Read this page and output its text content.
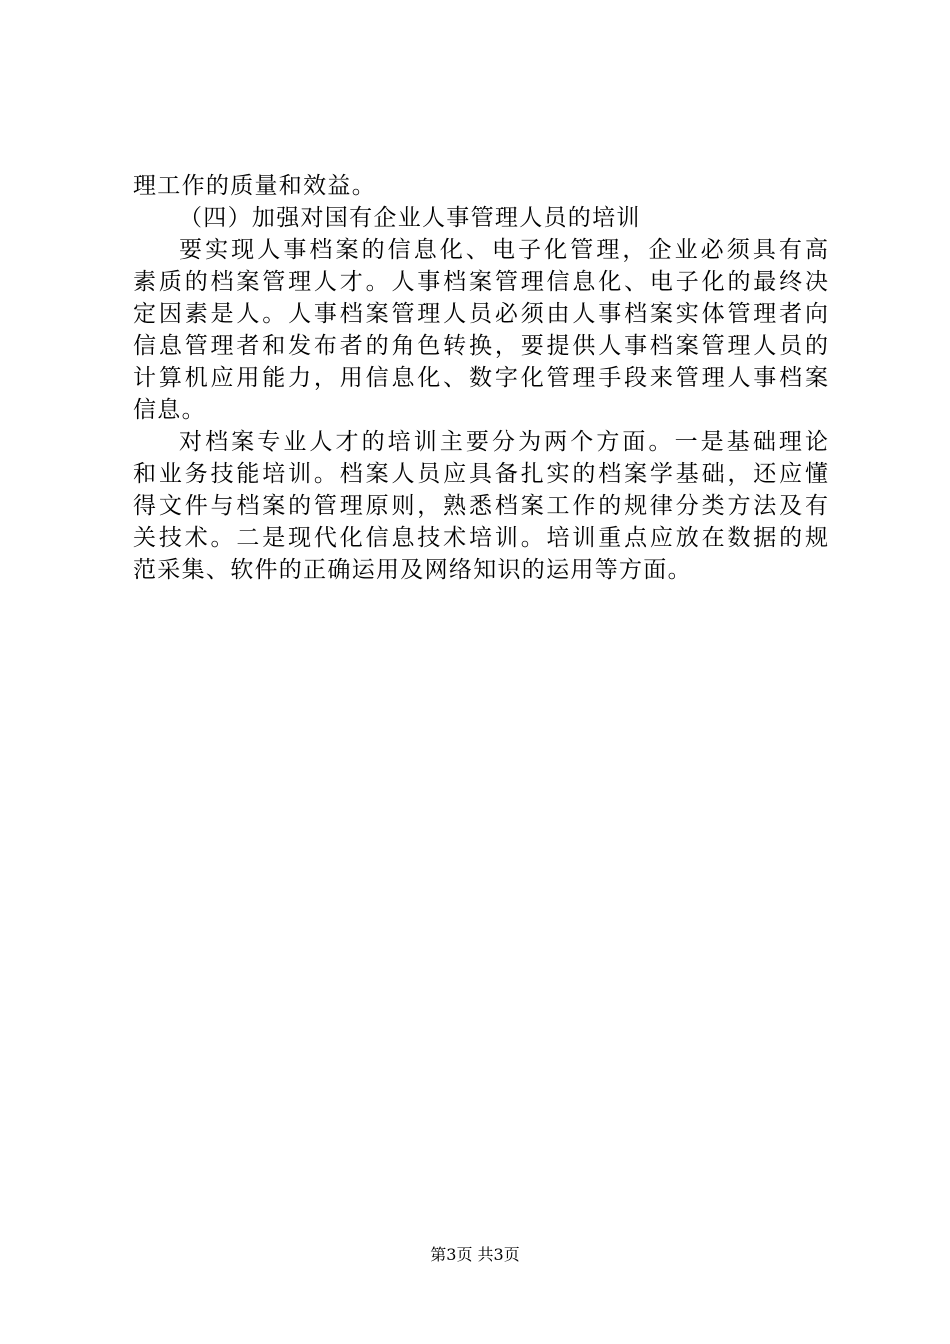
理工作的质量和效益。
（四）加强对国有企业人事管理人员的培训
要实现人事档案的信息化、电子化管理，企业必须具有高
素质的档案管理人才。人事档案管理信息化、电子化的最终决
定因素是人。人事档案管理人员必须由人事档案实体管理者向
信息管理者和发布者的角色转换，要提供人事档案管理人员的
计算机应用能力，用信息化、数字化管理手段来管理人事档案
信息。
对档案专业人才的培训主要分为两个方面。一是基础理论
和业务技能培训。档案人员应具备扎实的档案学基础，还应懂
得文件与档案的管理原则，熟悉档案工作的规律分类方法及有
关技术。二是现代化信息技术培训。培训重点应放在数据的规
范采集、软件的正确运用及网络知识的运用等方面。
第3页 共3页
